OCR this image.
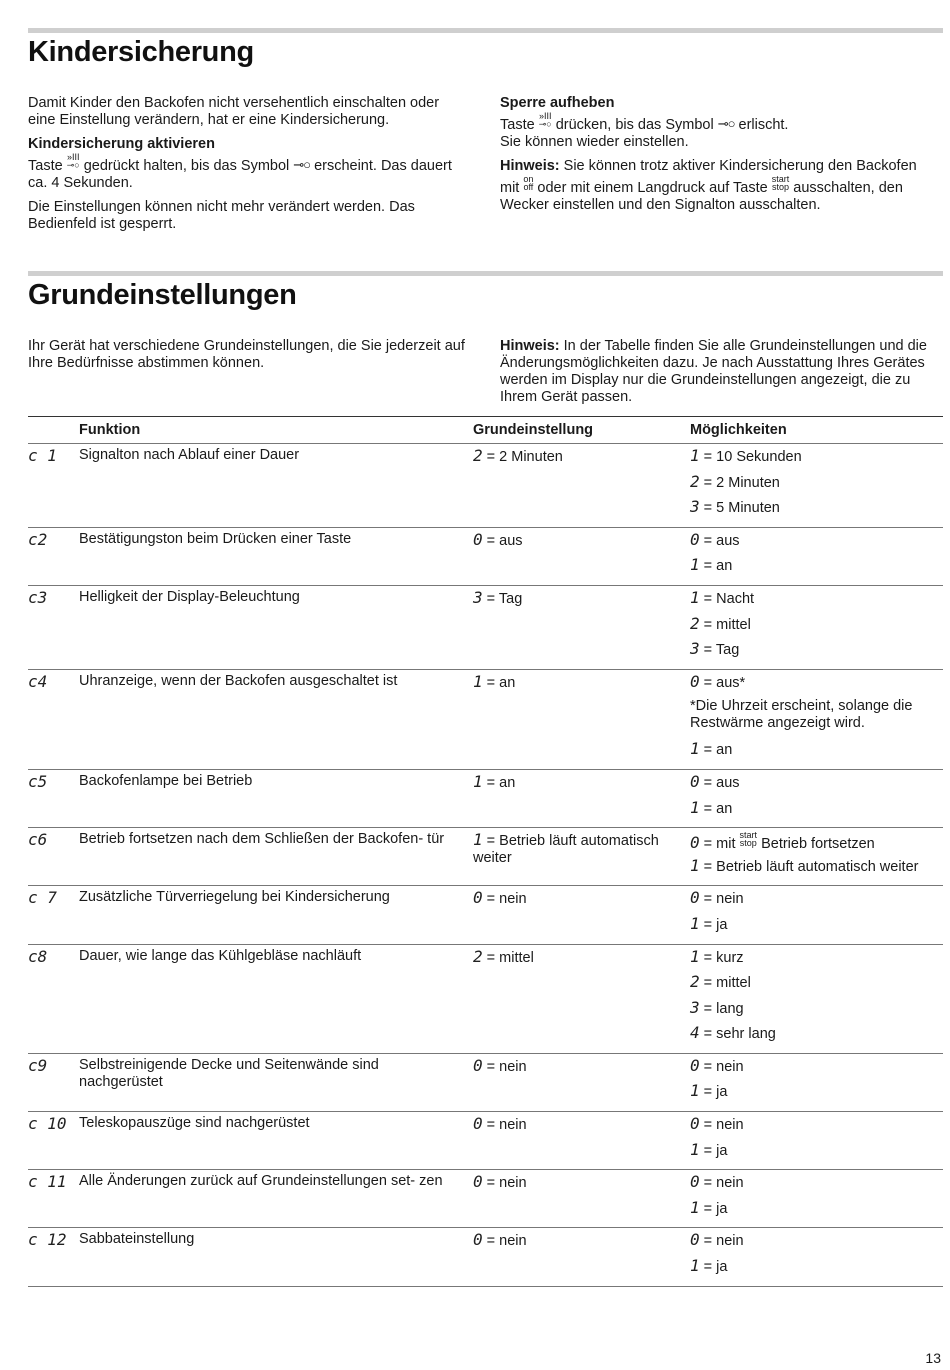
Kindersicherung

Damit Kinder den Backofen nicht versehentlich einschalten oder eine Einstellung verändern, hat er eine Kindersicherung.

Kindersicherung aktivieren

Taste »III
⊸○ gedrückt halten, bis das Symbol ⊸○ erscheint. Das dauert ca. 4 Sekunden.

Die Einstellungen können nicht mehr verändert werden. Das Bedienfeld ist gesperrt.

Sperre aufheben

Taste »III
⊸○ drücken, bis das Symbol ⊸○ erlischt.
Sie können wieder einstellen.

Hinweis: Sie können trotz aktiver Kindersicherung den Backofen mit on
off oder mit einem Langdruck auf Taste start
stop ausschalten, den Wecker einstellen und den Signalton ausschalten.

Grundeinstellungen

Ihr Gerät hat verschiedene Grundeinstellungen, die Sie jederzeit auf Ihre Bedürfnisse abstimmen können.

Hinweis: In der Tabelle finden Sie alle Grundeinstellungen und die Änderungsmöglichkeiten dazu. Je nach Ausstattung Ihres Gerätes werden im Display nur die Grundeinstellungen angezeigt, die zu Ihrem Gerät passen.

	Funktion	Grundeinstellung	Möglichkeiten
c 1	Signalton nach Ablauf einer Dauer	2 = 2 Minuten	1 = 10 Sekunden
2 = 2 Minuten
3 = 5 Minuten

c2	Bestätigungston beim Drücken einer Taste	0 = aus	0 = aus
1 = an

c3	Helligkeit der Display-Beleuchtung	3 = Tag	1 = Nacht
2 = mittel
3 = Tag

c4	Uhranzeige, wenn der Backofen ausgeschaltet ist	1 = an	0 = aus*
*Die Uhrzeit erscheint, solange die Restwärme angezeigt wird.
1 = an

c5	Backofenlampe bei Betrieb	1 = an	0 = aus
1 = an

c6	Betrieb fortsetzen nach dem Schließen der Backofen- tür	1 = Betrieb läuft automatisch weiter	0 = mit start
stop Betrieb fortsetzen
1 = Betrieb läuft automatisch weiter

c 7	Zusätzliche Türverriegelung bei Kindersicherung	0 = nein	0 = nein
1 = ja

c8	Dauer, wie lange das Kühlgebläse nachläuft	2 = mittel	1 = kurz
2 = mittel
3 = lang
4 = sehr lang

c9	Selbstreinigende Decke und Seitenwände sind nachgerüstet	0 = nein	0 = nein
1 = ja

c 10	Teleskopauszüge sind nachgerüstet	0 = nein	0 = nein
1 = ja

c 11	Alle Änderungen zurück auf Grundeinstellungen set- zen	0 = nein	0 = nein
1 = ja

c 12	Sabbateinstellung	0 = nein	0 = nein
1 = ja
13
